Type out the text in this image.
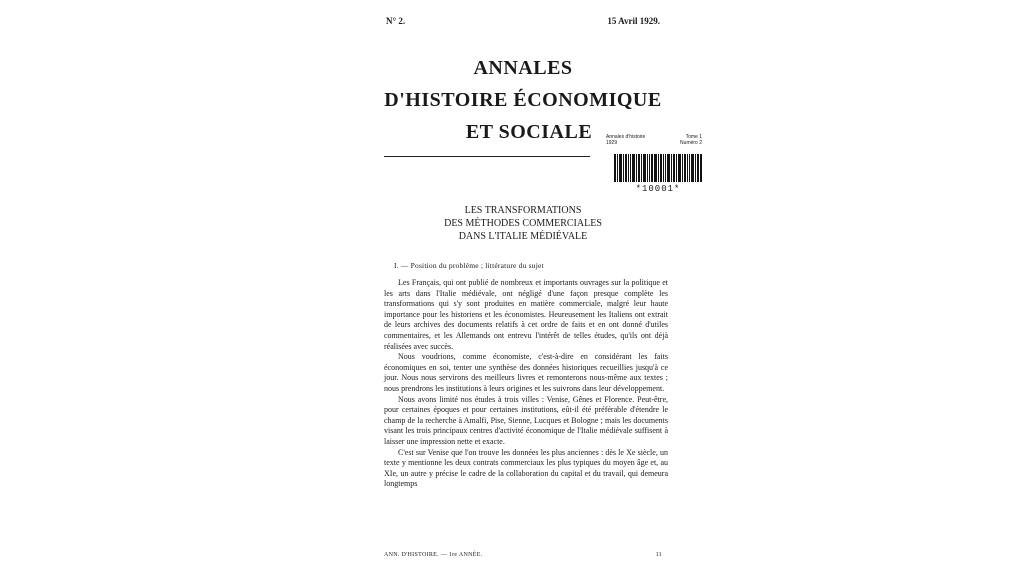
N° 2.	15 Avril 1929.
ANNALES
D'HISTOIRE ÉCONOMIQUE
ET SOCIALE	Annales d'histoire	Tome 1
1929	Numéro 2
*10001*
LES TRANSFORMATIONS
DES MÉTHODES COMMERCIALES
DANS L'ITALIE MÉDIÉVALE
I. — Position du problème ; littérature du sujet

Les Français, qui ont publié de nombreux et importants ouvrages sur la politique et les arts dans l'Italie médiévale, ont négligé d'une façon presque complète les transformations qui s'y sont produites en matière commerciale, malgré leur haute importance pour les historiens et les économistes. Heureusement les Italiens ont extrait de leurs archives des documents relatifs à cet ordre de faits et en ont donné d'utiles commentaires, et les Allemands ont entrevu l'intérêt de telles études, qu'ils ont déjà réalisées avec succès.

Nous voudrions, comme économiste, c'est-à-dire en considérant les faits économiques en soi, tenter une synthèse des données historiques recueillies jusqu'à ce jour. Nous nous servirons des meilleurs livres et remonterons nous-même aux textes ; nous prendrons les institutions à leurs origines et les suivrons dans leur développement.

Nous avons limité nos études à trois villes : Venise, Gênes et Florence. Peut-être, pour certaines époques et pour certaines institutions, eût-il été préférable d'étendre le champ de la recherche à Amalfi, Pise, Sienne, Lucques et Bologne ; mais les documents visant les trois principaux centres d'activité économique de l'Italie médiévale suffisent à laisser une impression nette et exacte.

C'est sur Venise que l'on trouve les données les plus anciennes : dès le Xe siècle, un texte y mentionne les deux contrats commerciaux les plus typiques du moyen âge et, au XIe, un autre y précise le cadre de la collaboration du capital et du travail, qui demeura longtemps

ANN. D'HISTOIRE. — 1re ANNÉE.	11
